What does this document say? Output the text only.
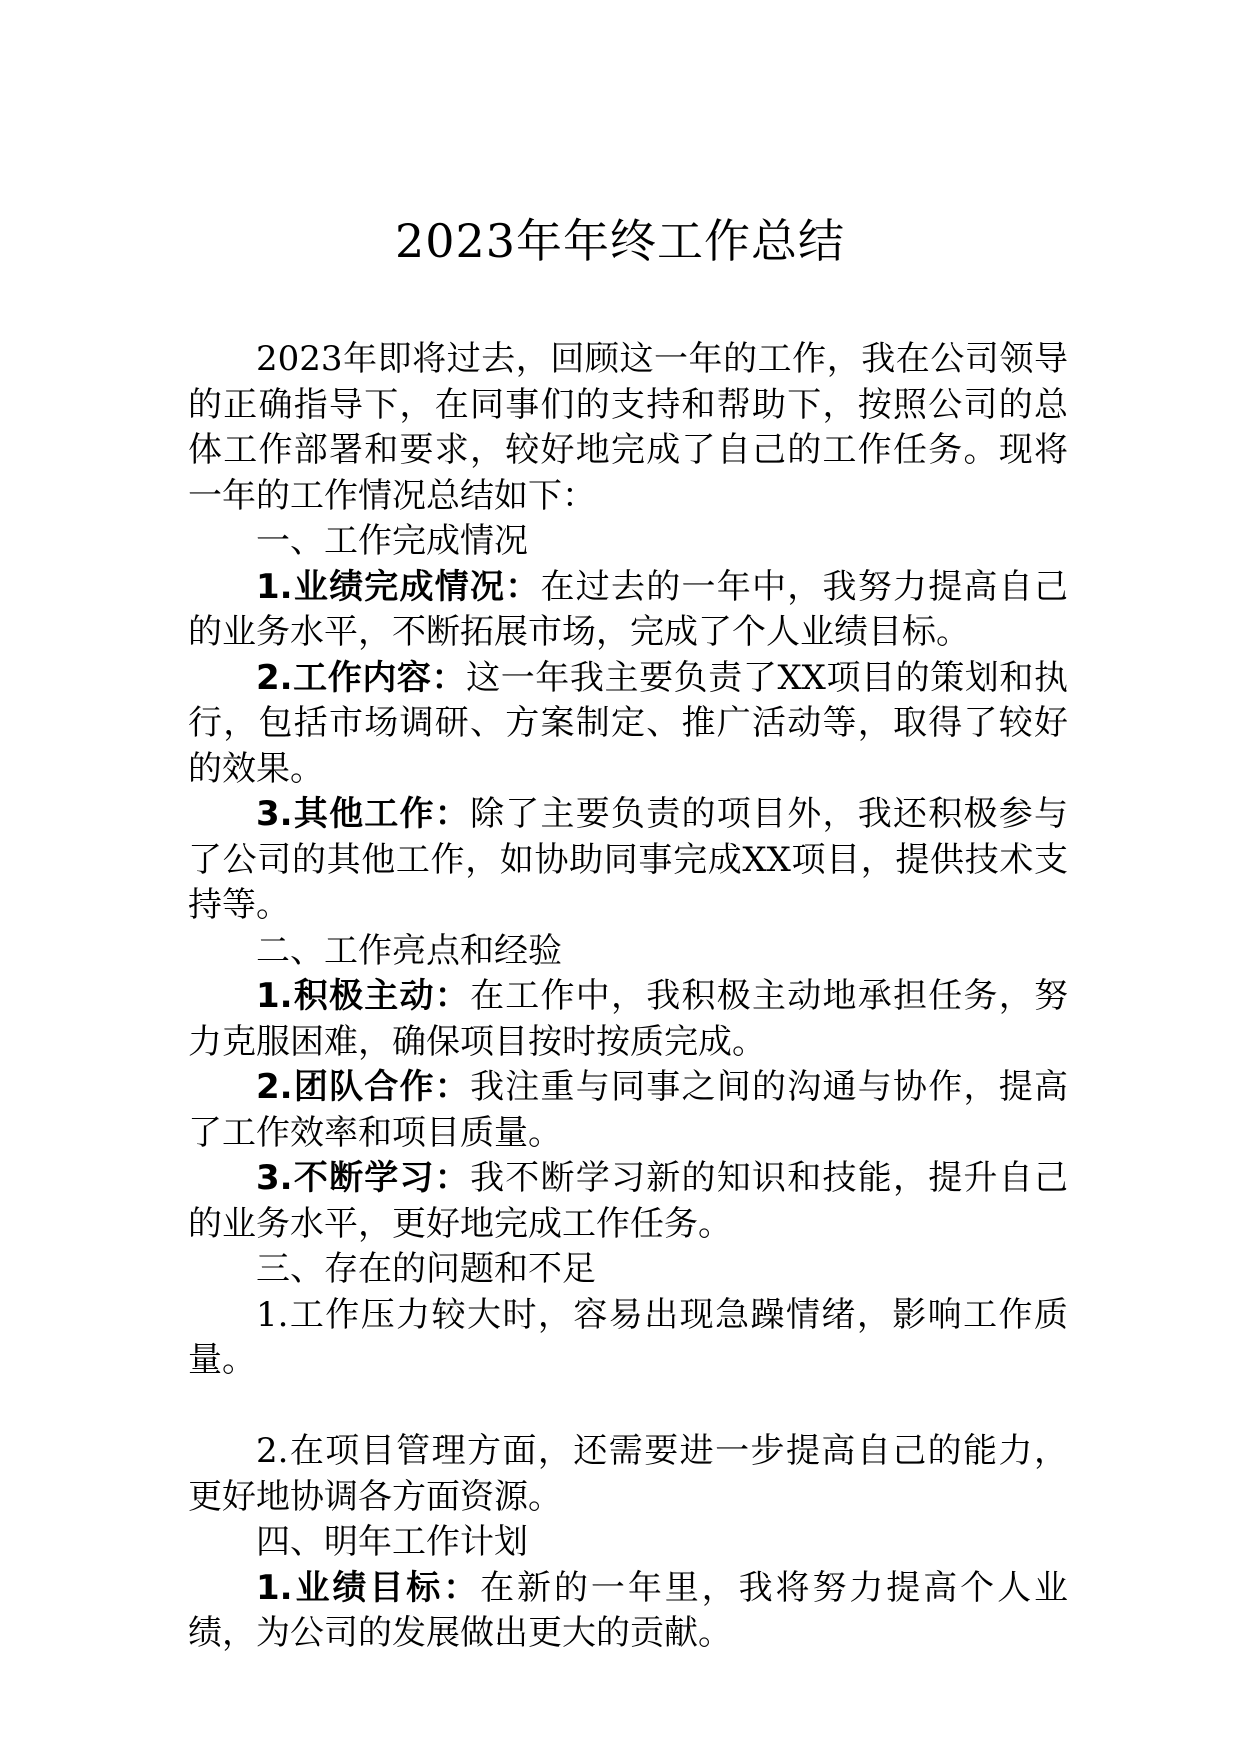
2023年年终工作总结

2023年即将过去，回顾这一年的工作，我在公司领导的正确指导下，在同事们的支持和帮助下，按照公司的总体工作部署和要求，较好地完成了自己的工作任务。现将一年的工作情况总结如下：

一、工作完成情况

1.业绩完成情况：在过去的一年中，我努力提高自己的业务水平，不断拓展市场，完成了个人业绩目标。

2.工作内容：这一年我主要负责了XX项目的策划和执行，包括市场调研、方案制定、推广活动等，取得了较好的效果。

3.其他工作：除了主要负责的项目外，我还积极参与了公司的其他工作，如协助同事完成XX项目，提供技术支持等。

二、工作亮点和经验

1.积极主动：在工作中，我积极主动地承担任务，努力克服困难，确保项目按时按质完成。

2.团队合作：我注重与同事之间的沟通与协作，提高了工作效率和项目质量。

3.不断学习：我不断学习新的知识和技能，提升自己的业务水平，更好地完成工作任务。

三、存在的问题和不足

1.工作压力较大时，容易出现急躁情绪，影响工作质量。

2.在项目管理方面，还需要进一步提高自己的能力，更好地协调各方面资源。

四、明年工作计划

1.业绩目标：在新的一年里，我将努力提高个人业绩，为公司的发展做出更大的贡献。
